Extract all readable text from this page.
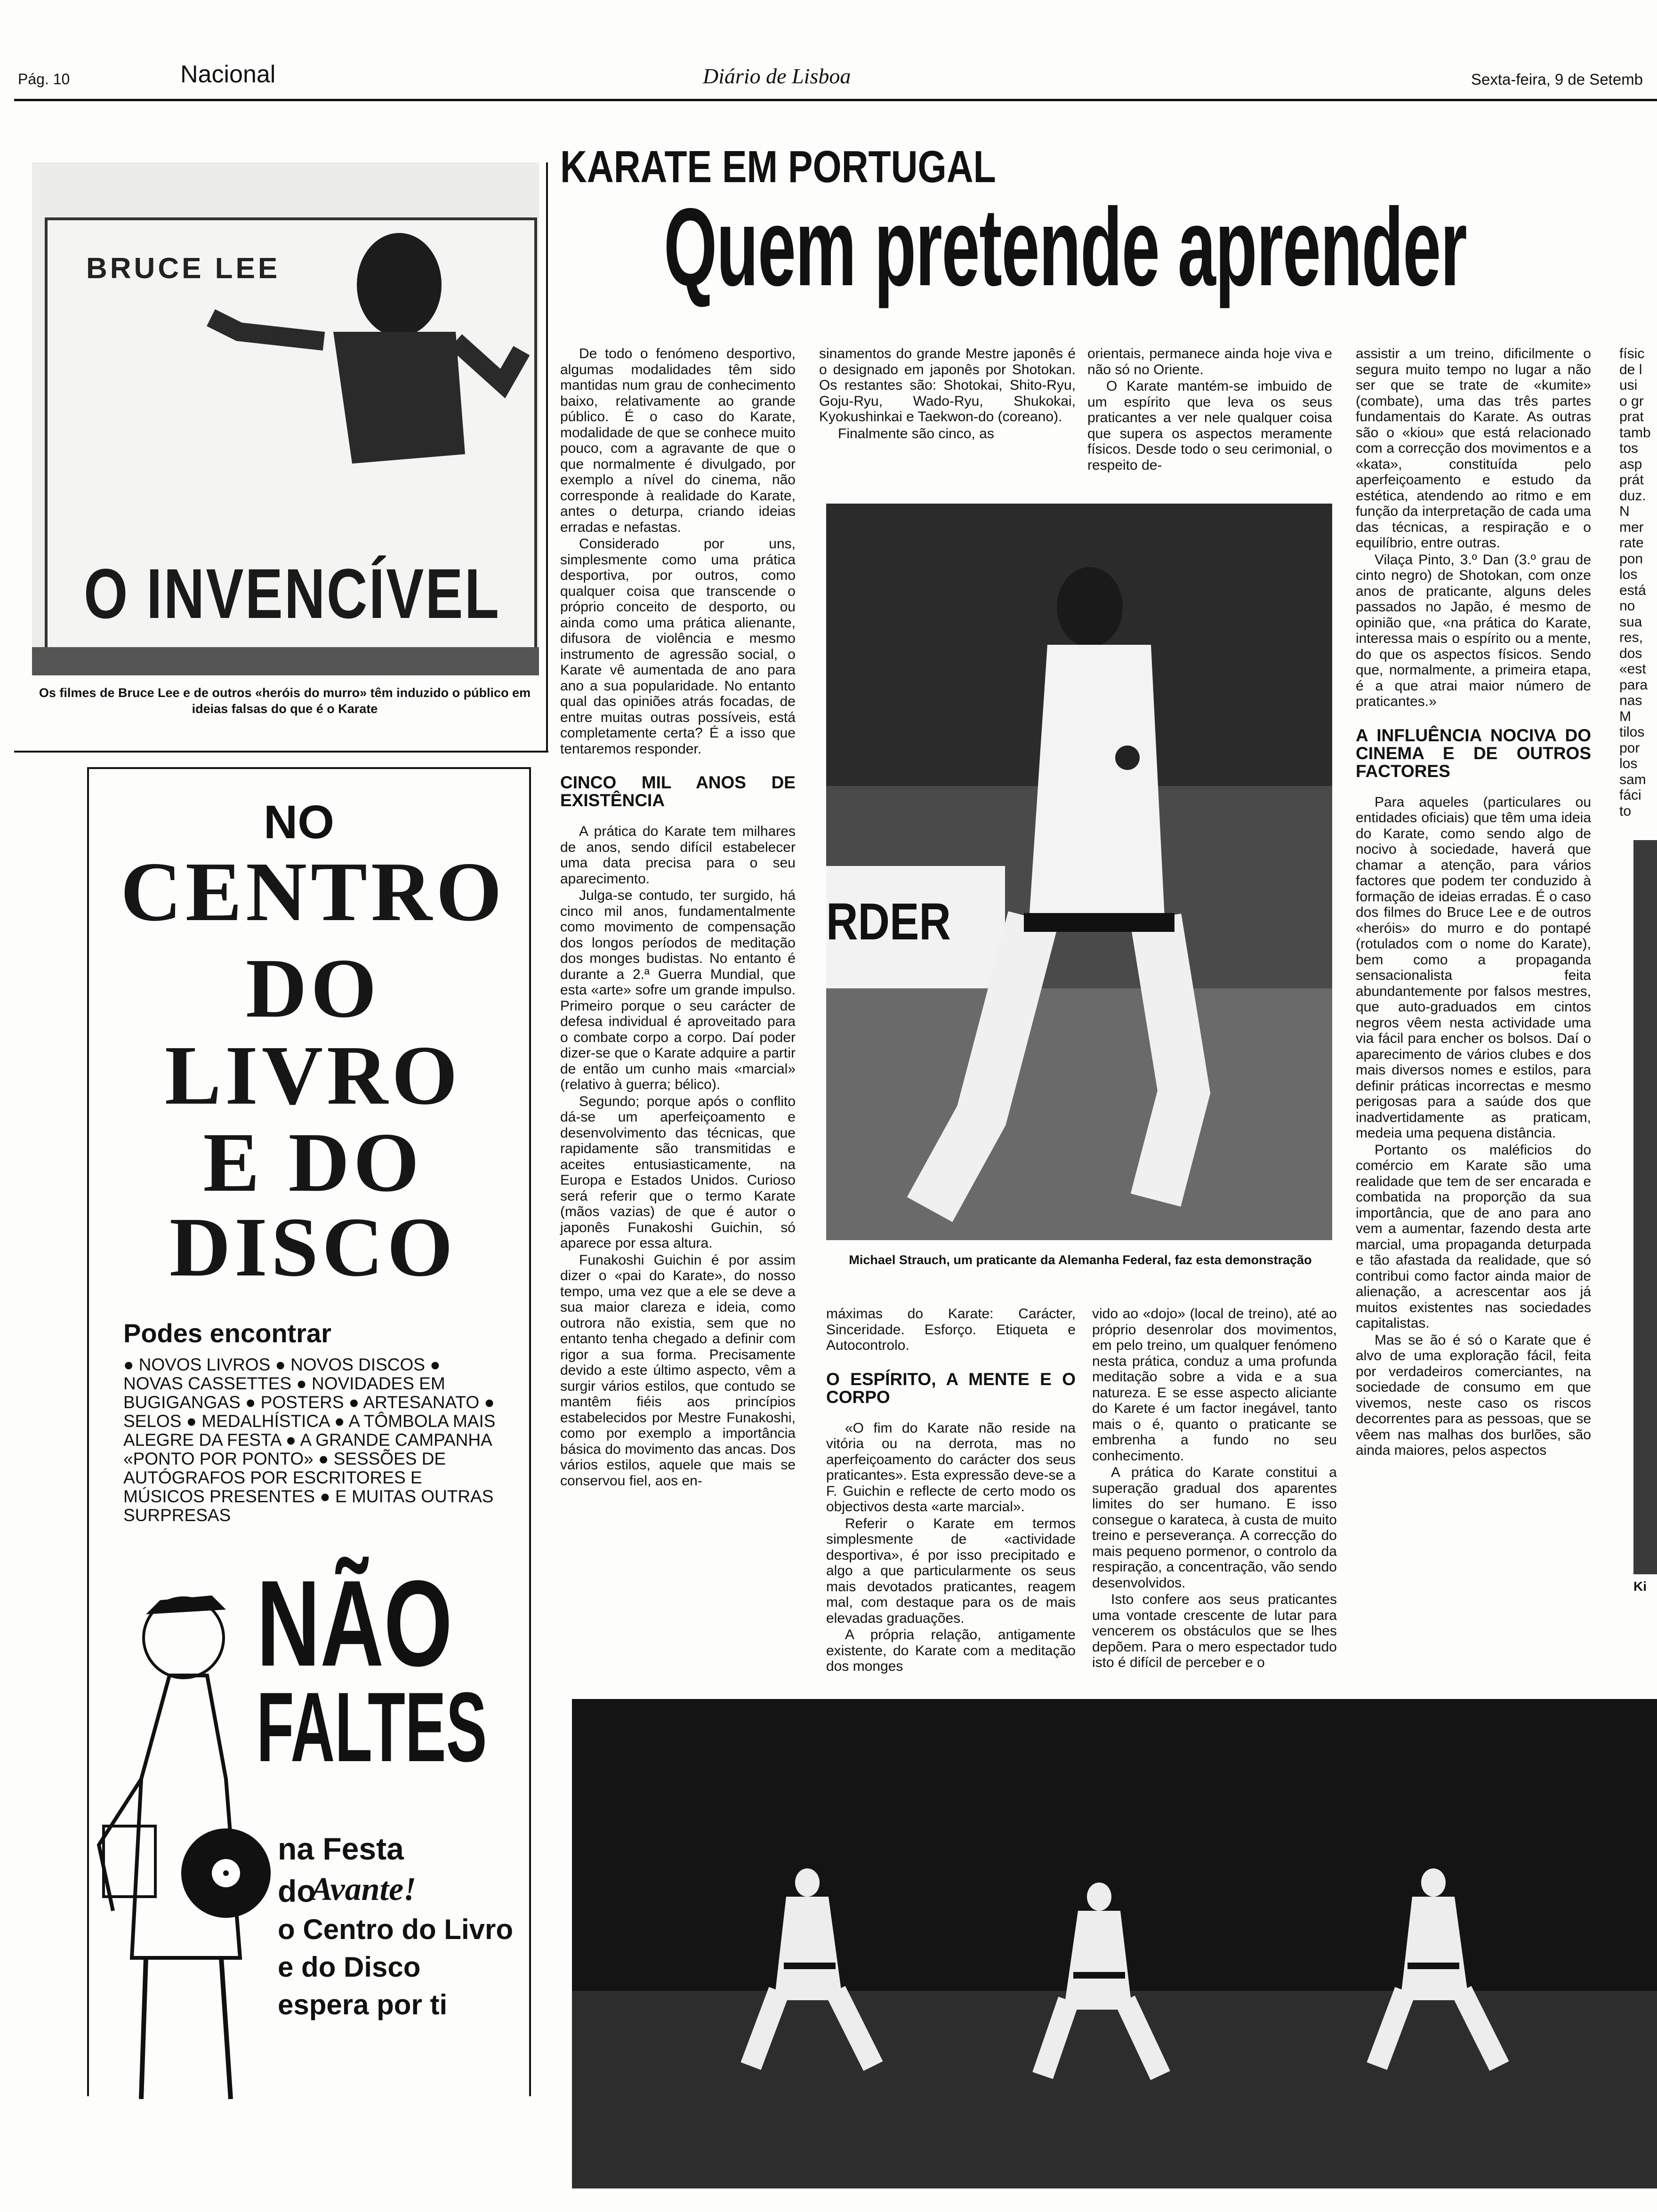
Pág. 10	Nacional	Diário de Lisboa	Sexta-feira, 9 de Setemb
BRUCE LEE
O INVENCÍVEL
Os filmes de Bruce Lee e de outros «heróis do murro» têm induzido o público em ideias falsas do que é o Karate
NO
CENTRO
DO
LIVRO
E DO
DISCO
Podes encontrar
● NOVOS LIVROS ● NOVOS DISCOS ● NOVAS CASSETTES ● NOVIDADES EM BUGIGANGAS ● POSTERS ● ARTESANATO ● SELOS ● MEDALHÍSTICA ● A TÔMBOLA MAIS ALEGRE DA FESTA ● A GRANDE CAMPANHA «PONTO POR PONTO» ● SESSÕES DE AUTÓGRAFOS POR ESCRITORES E MÚSICOS PRESENTES ● E MUITAS OUTRAS SURPRESAS
NÃO
FALTES
na Festa
do
Avante!
o Centro do Livro
e do Disco
espera por ti
KARATE EM PORTUGAL
Quem pretende aprender

De todo o fenómeno desportivo, algumas modalidades têm sido mantidas num grau de conhecimento baixo, relativamente ao grande público. É o caso do Karate, modalidade de que se conhece muito pouco, com a agravante de que o que normalmente é divulgado, por exemplo a nível do cinema, não corresponde à realidade do Karate, antes o deturpa, criando ideias erradas e nefastas.

Considerado por uns, simplesmente como uma prática desportiva, por outros, como qualquer coisa que transcende o próprio conceito de desporto, ou ainda como uma prática alienante, difusora de violência e mesmo instrumento de agressão social, o Karate vê aumentada de ano para ano a sua popularidade. No entanto qual das opiniões atrás focadas, de entre muitas outras possíveis, está completamente certa? É a isso que tentaremos responder.

CINCO MIL ANOS DE EXISTÊNCIA

A prática do Karate tem milhares de anos, sendo difícil estabelecer uma data precisa para o seu aparecimento.

Julga-se contudo, ter surgido, há cinco mil anos, fundamentalmente como movimento de compensação dos longos períodos de meditação dos monges budistas. No entanto é durante a 2.ª Guerra Mundial, que esta «arte» sofre um grande impulso. Primeiro porque o seu carácter de defesa individual é aproveitado para o combate corpo a corpo. Daí poder dizer-se que o Karate adquire a partir de então um cunho mais «marcial» (relativo à guerra; bélico).

Segundo; porque após o conflito dá-se um aperfeiçoamento e desenvolvimento das técnicas, que rapidamente são transmitidas e aceites entusiasticamente, na Europa e Estados Unidos. Curioso será referir que o termo Karate (mãos vazias) de que é autor o japonês Funakoshi Guichin, só aparece por essa altura.

Funakoshi Guichin é por assim dizer o «pai do Karate», do nosso tempo, uma vez que a ele se deve a sua maior clareza e ideia, como outrora não existia, sem que no entanto tenha chegado a definir com rigor a sua forma. Precisamente devido a este último aspecto, vêm a surgir vários estilos, que contudo se mantêm fiéis aos princípios estabelecidos por Mestre Funakoshi, como por exemplo a importância básica do movimento das ancas. Dos vários estilos, aquele que mais se conservou fiel, aos en-

sinamentos do grande Mestre japonês é o designado em japonês por Shotokan. Os restantes são: Shotokai, Shito-Ryu, Goju-Ryu, Wado-Ryu, Shukokai, Kyokushinkai e Taekwon-do (coreano).

Finalmente são cinco, as

orientais, permanece ainda hoje viva e não só no Oriente.

O Karate mantém-se imbuido de um espírito que leva os seus praticantes a ver nele qualquer coisa que supera os aspectos meramente físicos. Desde todo o seu cerimonial, o respeito de-

RDER
Michael Strauch, um praticante da Alemanha Federal, faz esta demonstração

máximas do Karate: Carácter, Sinceridade. Esforço. Etiqueta e Autocontrolo.

O ESPÍRITO, A MENTE E O CORPO

«O fim do Karate não reside na vitória ou na derrota, mas no aperfeiçoamento do carácter dos seus praticantes». Esta expressão deve-se a F. Guichin e reflecte de certo modo os objectivos desta «arte marcial».

Referir o Karate em termos simplesmente de «actividade desportiva», é por isso precipitado e algo a que particularmente os seus mais devotados praticantes, reagem mal, com destaque para os de mais elevadas graduações.

A própria relação, antigamente existente, do Karate com a meditação dos monges

vido ao «dojo» (local de treino), até ao próprio desenrolar dos movimentos, em pelo treino, um qualquer fenómeno nesta prática, conduz a uma profunda meditação sobre a vida e a sua natureza. E se esse aspecto aliciante do Karete é um factor inegável, tanto mais o é, quanto o praticante se embrenha a fundo no seu conhecimento.

A prática do Karate constitui a superação gradual dos aparentes limites do ser humano. E isso consegue o karateca, à custa de muito treino e perseverança. A correcção do mais pequeno pormenor, o controlo da respiração, a concentração, vão sendo desenvolvidos.

Isto confere aos seus praticantes uma vontade crescente de lutar para vencerem os obstáculos que se lhes depõem. Para o mero espectador tudo isto é difícil de perceber e o

assistir a um treino, dificilmente o segura muito tempo no lugar a não ser que se trate de «kumite» (combate), uma das três partes fundamentais do Karate. As outras são o «kiou» que está relacionado com a correcção dos movimentos e a «kata», constituída pelo aperfeiçoamento e estudo da estética, atendendo ao ritmo e em função da interpretação de cada uma das técnicas, a respiração e o equilíbrio, entre outras.

Vilaça Pinto, 3.º Dan (3.º grau de cinto negro) de Shotokan, com onze anos de praticante, alguns deles passados no Japão, é mesmo de opinião que, «na prática do Karate, interessa mais o espírito ou a mente, do que os aspectos físicos. Sendo que, normalmente, a primeira etapa, é a que atrai maior número de praticantes.»

A INFLUÊNCIA NOCIVA DO CINEMA E DE OUTROS FACTORES

Para aqueles (particulares ou entidades oficiais) que têm uma ideia do Karate, como sendo algo de nocivo à sociedade, haverá que chamar a atenção, para vários factores que podem ter conduzido à formação de ideias erradas. É o caso dos filmes do Bruce Lee e de outros «heróis» do murro e do pontapé (rotulados com o nome do Karate), bem como a propaganda sensacionalista feita abundantemente por falsos mestres, que auto-graduados em cintos negros vêem nesta actividade uma via fácil para encher os bolsos. Daí o aparecimento de vários clubes e dos mais diversos nomes e estilos, para definir práticas incorrectas e mesmo perigosas para a saúde dos que inadvertidamente as praticam, medeia uma pequena distância.

Portanto os maléficios do comércio em Karate são uma realidade que tem de ser encarada e combatida na proporção da sua importância, que de ano para ano vem a aumentar, fazendo desta arte marcial, uma propaganda deturpada e tão afastada da realidade, que só contribui como factor ainda maior de alienação, a acrescentar aos já muitos existentes nas sociedades capitalistas.

Mas se ão é só o Karate que é alvo de uma exploração fácil, feita por verdadeiros comerciantes, na sociedade de consumo em que vivemos, neste caso os riscos decorrentes para as pessoas, que se vêem nas malhas dos burlões, são ainda maiores, pelos aspectos

físic
de l
usi
o gr
prat
tamb
tos
asp
prát
duz.
N
mer
rate
pon
los
está
no
sua
res,
dos
«est
para
nas
M
tilos
por
los
sam
fáci
to
Ki
